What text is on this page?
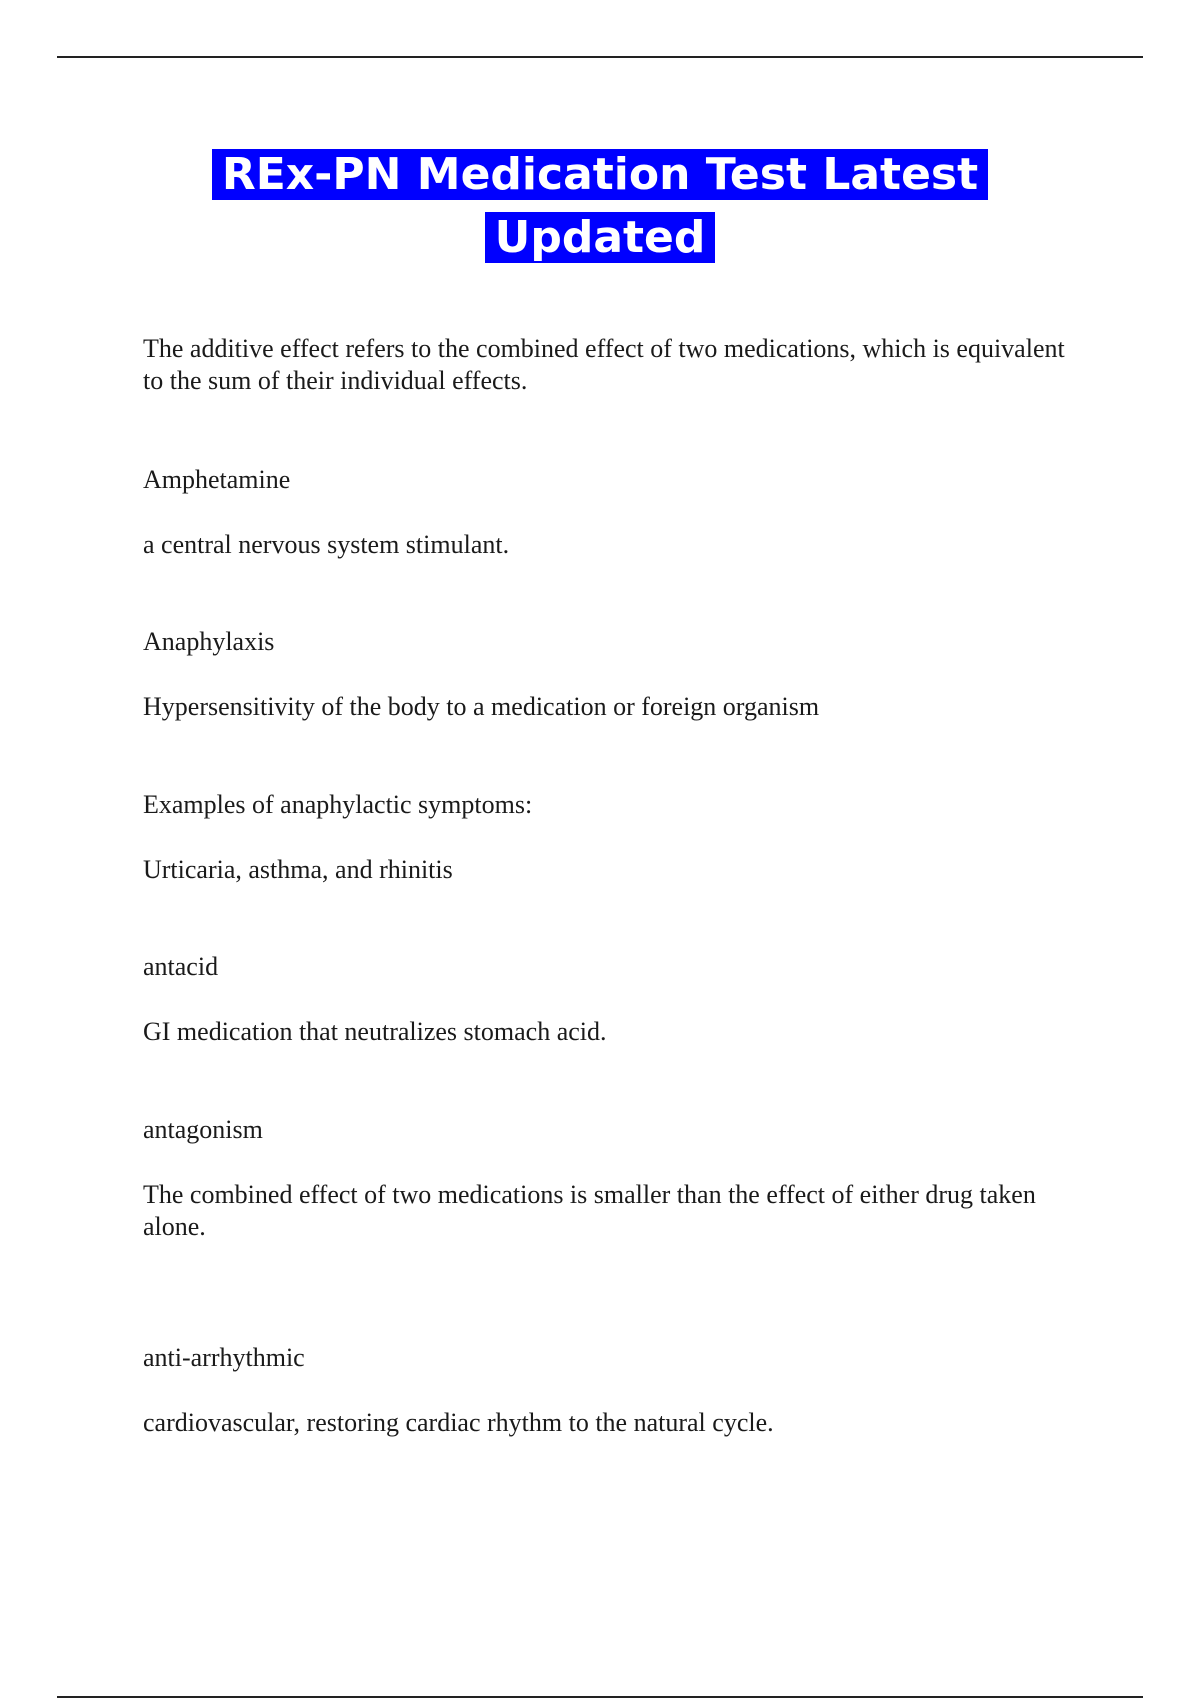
REx-PN Medication Test Latest Updated

The additive effect refers to the combined effect of two medications, which is equivalent to the sum of their individual effects.

Amphetamine

a central nervous system stimulant.

Anaphylaxis

Hypersensitivity of the body to a medication or foreign organism

Examples of anaphylactic symptoms:

Urticaria, asthma, and rhinitis

antacid

GI medication that neutralizes stomach acid.

antagonism

The combined effect of two medications is smaller than the effect of either drug taken alone.

anti-arrhythmic

cardiovascular, restoring cardiac rhythm to the natural cycle.
